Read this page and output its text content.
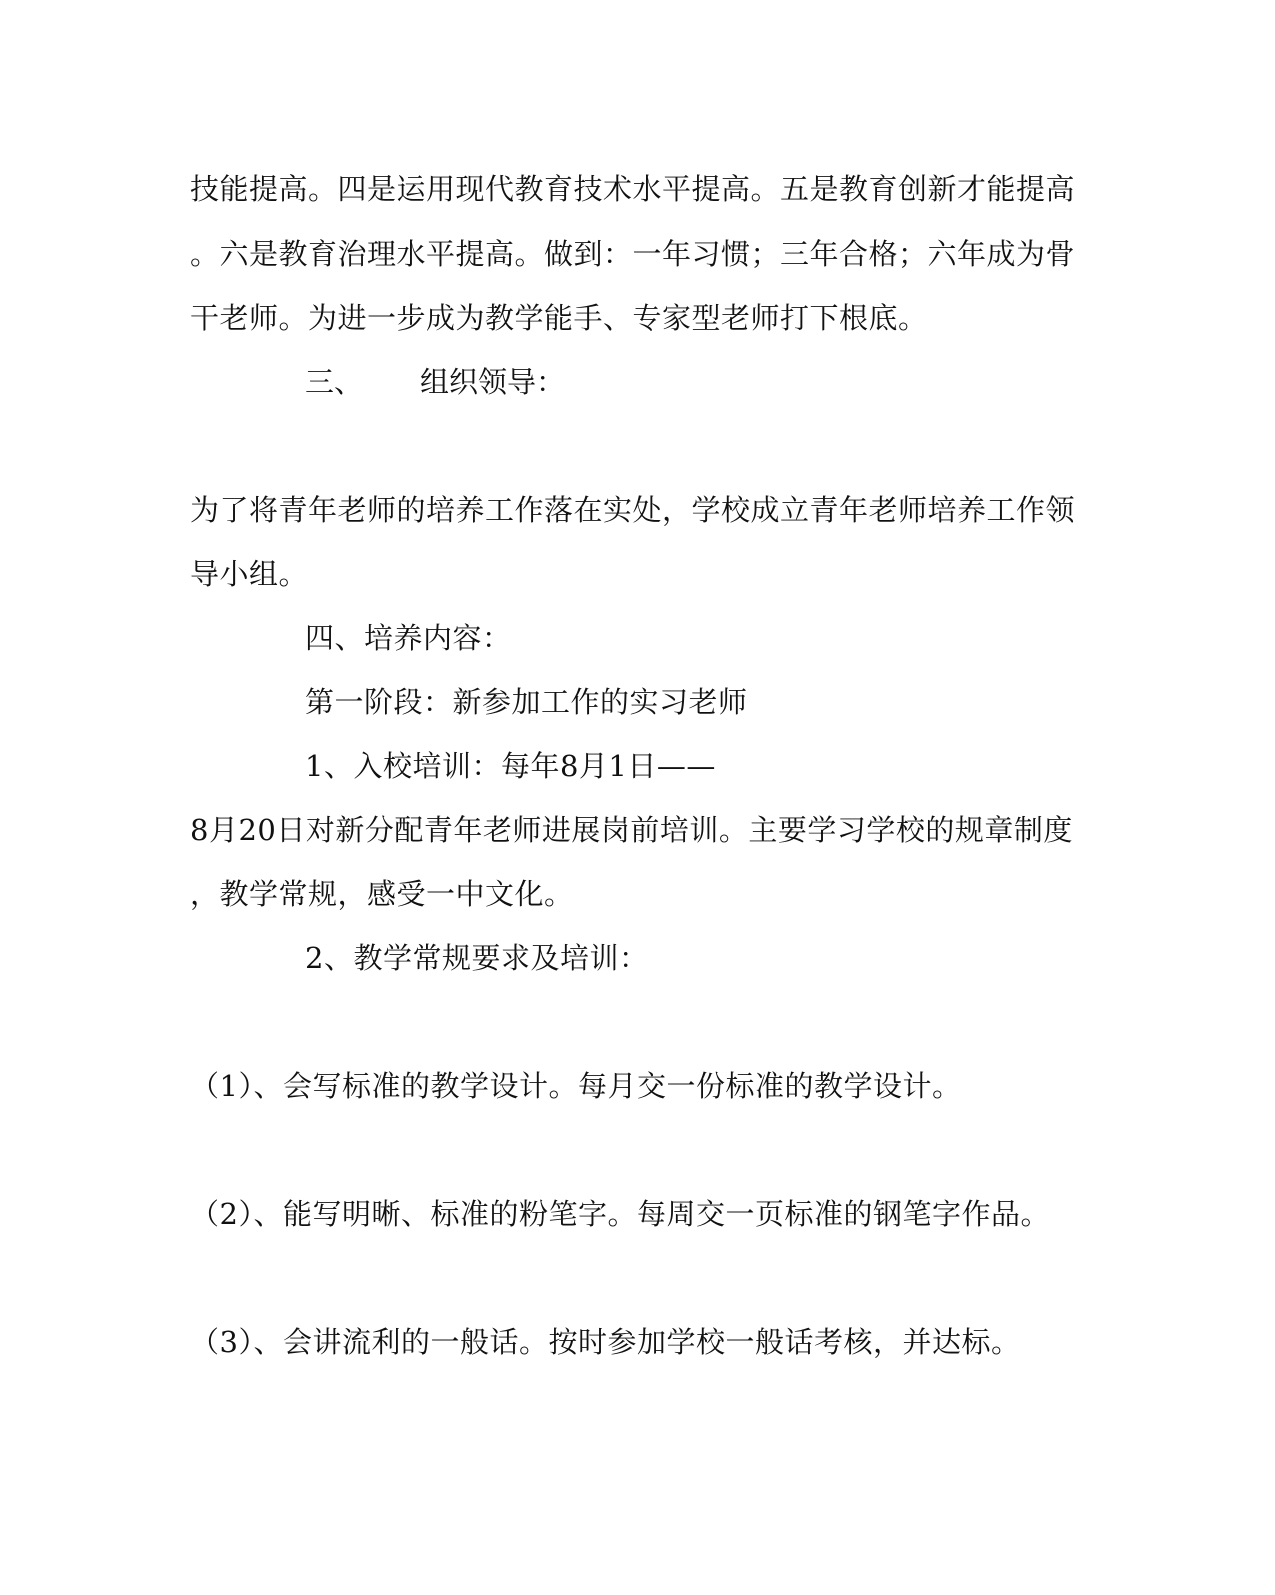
技能提高。四是运用现代教育技术水平提高。五是教育创新才能提高
。六是教育治理水平提高。做到：一年习惯；三年合格；六年成为骨
干老师。为进一步成为教学能手、专家型老师打下根底。
三、 组织领导：
为了将青年老师的培养工作落在实处，学校成立青年老师培养工作领
导小组。
四、培养内容：
第一阶段：新参加工作的实习老师
1、入校培训：每年8月1日——
8月20日对新分配青年老师进展岗前培训。主要学习学校的规章制度
，教学常规，感受一中文化。
2、教学常规要求及培训：
（1）、会写标准的教学设计。每月交一份标准的教学设计。
（2）、能写明晰、标准的粉笔字。每周交一页标准的钢笔字作品。
（3）、会讲流利的一般话。按时参加学校一般话考核，并达标。
